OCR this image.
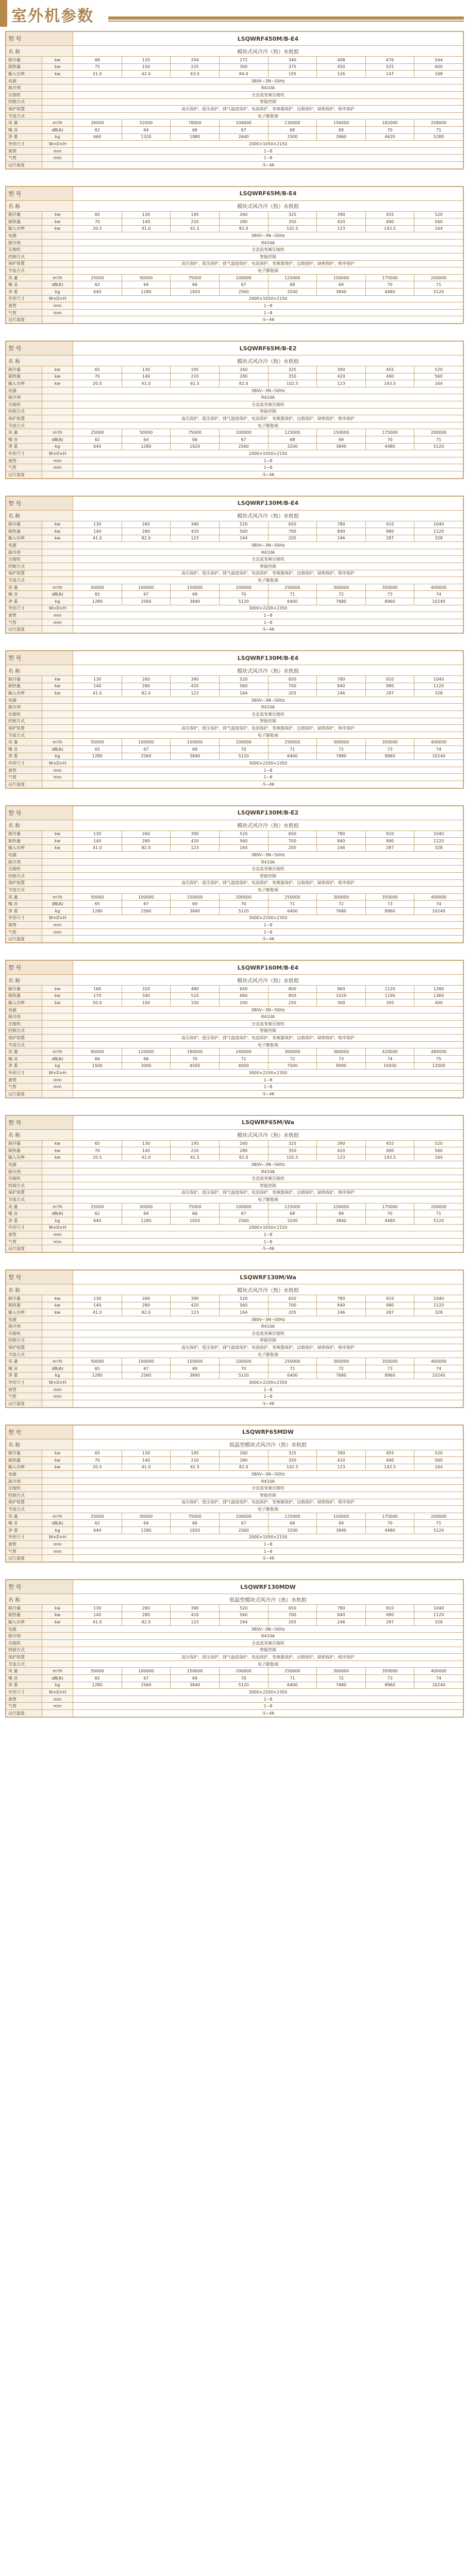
室外机参数
型 号		LSQWRF450M/B-E4							
名 称		模块式风冷冷（热）水机组							
制冷量	kw	68	135	204	272	340	408	476	544
制热量	kw	75	150	225	300	375	450	525	600
输入功率	kw	21.0	42.0	63.0	84.0	105	126	147	168
电源		380V~3N~50Hz							
制冷剂		R410A							
压缩机		全直流变频压缩机							
控制方式		智能控制							
保护装置		高压保护、低压保护、排气温度保护、电流保护、变频器保护、过载保护、缺相保护、相序保护							
节流方式		电子膨胀阀							
风 量	m³/h	26000	52000	78000	104000	130000	156000	182000	208000
噪 音	dB(A)	62	64	66	67	68	69	70	71
净 重	kg	660	1320	1980	2640	3300	3960	4620	5280
外形尺寸	W×D×H	2000×1050×2150							
液管	mm	1~8							
气管	mm	1~8							
运行温度		-5~46							
型 号		LSQWRF65M/B-E4							
名 称		模块式风冷冷（热）水机组							
制冷量	kw	65	130	195	260	325	390	455	520
制热量	kw	70	140	210	280	350	420	490	560
输入功率	kw	20.5	41.0	61.5	82.0	102.5	123	143.5	164
电源		380V~3N~50Hz							
制冷剂		R410A							
压缩机		全直流变频压缩机							
控制方式		智能控制							
保护装置		高压保护、低压保护、排气温度保护、电流保护、变频器保护、过载保护、缺相保护、相序保护							
节流方式		电子膨胀阀							
风 量	m³/h	25000	50000	75000	100000	125000	150000	175000	200000
噪 音	dB(A)	62	64	66	67	68	69	70	71
净 重	kg	640	1280	1920	2560	3200	3840	4480	5120
外形尺寸	W×D×H	2000×1050×2150							
液管	mm	1~8							
气管	mm	1~8							
运行温度		-5~46							
型 号		LSQWRF65M/B-E2							
名 称		模块式风冷冷（热）水机组							
制冷量	kw	65	130	195	260	325	390	455	520
制热量	kw	70	140	210	280	350	420	490	560
输入功率	kw	20.5	41.0	61.5	82.0	102.5	123	143.5	164
电源		380V~3N~50Hz							
制冷剂		R410A							
压缩机		全直流变频压缩机							
控制方式		智能控制							
保护装置		高压保护、低压保护、排气温度保护、电流保护、变频器保护、过载保护、缺相保护、相序保护							
节流方式		电子膨胀阀							
风 量	m³/h	25000	50000	75000	100000	125000	150000	175000	200000
噪 音	dB(A)	62	64	66	67	68	69	70	71
净 重	kg	640	1280	1920	2560	3200	3840	4480	5120
外形尺寸	W×D×H	2000×1050×2150							
液管	mm	1~8							
气管	mm	1~8							
运行温度		-5~46							
型 号		LSQWRF130M/B-E4							
名 称		模块式风冷冷（热）水机组							
制冷量	kw	130	260	390	520	650	780	910	1040
制热量	kw	140	280	420	560	700	840	980	1120
输入功率	kw	41.0	82.0	123	164	205	246	287	328
电源		380V~3N~50Hz							
制冷剂		R410A							
压缩机		全直流变频压缩机							
控制方式		智能控制							
保护装置		高压保护、低压保护、排气温度保护、电流保护、变频器保护、过载保护、缺相保护、相序保护							
节流方式		电子膨胀阀							
风 量	m³/h	50000	100000	150000	200000	250000	300000	350000	400000
噪 音	dB(A)	65	67	69	70	71	72	73	74
净 重	kg	1280	2560	3840	5120	6400	7680	8960	10240
外形尺寸	W×D×H	3000×2200×2350							
液管	mm	1~8							
气管	mm	1~8							
运行温度		-5~46							
型 号		LSQWRF130M/B-E4							
名 称		模块式风冷冷（热）水机组							
制冷量	kw	130	260	390	520	650	780	910	1040
制热量	kw	140	280	420	560	700	840	980	1120
输入功率	kw	41.0	82.0	123	164	205	246	287	328
电源		380V~3N~50Hz							
制冷剂		R410A							
压缩机		全直流变频压缩机							
控制方式		智能控制							
保护装置		高压保护、低压保护、排气温度保护、电流保护、变频器保护、过载保护、缺相保护、相序保护							
节流方式		电子膨胀阀							
风 量	m³/h	50000	100000	150000	200000	250000	300000	350000	400000
噪 音	dB(A)	65	67	69	70	71	72	73	74
净 重	kg	1280	2560	3840	5120	6400	7680	8960	10240
外形尺寸	W×D×H	3000×2200×2350							
液管	mm	1~8							
气管	mm	1~8							
运行温度		-5~46							
型 号		LSQWRF130M/B-E2							
名 称		模块式风冷冷（热）水机组							
制冷量	kw	130	260	390	520	650	780	910	1040
制热量	kw	140	280	420	560	700	840	980	1120
输入功率	kw	41.0	82.0	123	164	205	246	287	328
电源		380V~3N~50Hz							
制冷剂		R410A							
压缩机		全直流变频压缩机							
控制方式		智能控制							
保护装置		高压保护、低压保护、排气温度保护、电流保护、变频器保护、过载保护、缺相保护、相序保护							
节流方式		电子膨胀阀							
风 量	m³/h	50000	100000	150000	200000	250000	300000	350000	400000
噪 音	dB(A)	65	67	69	70	71	72	73	74
净 重	kg	1280	2560	3840	5120	6400	7680	8960	10240
外形尺寸	W×D×H	3000×2200×2350							
液管	mm	1~8							
气管	mm	1~8							
运行温度		-5~46							
型 号		LSQWRF160M/B-E4							
名 称		模块式风冷冷（热）水机组							
制冷量	kw	160	320	480	640	800	960	1120	1280
制热量	kw	170	340	510	680	850	1020	1190	1360
输入功率	kw	50.0	100	150	200	250	300	350	400
电源		380V~3N~50Hz							
制冷剂		R410A							
压缩机		全直流变频压缩机							
控制方式		智能控制							
保护装置		高压保护、低压保护、排气温度保护、电流保护、变频器保护、过载保护、缺相保护、相序保护							
节流方式		电子膨胀阀							
风 量	m³/h	60000	120000	180000	240000	300000	360000	420000	480000
噪 音	dB(A)	66	68	70	71	72	73	74	75
净 重	kg	1500	3000	4500	6000	7500	9000	10500	12000
外形尺寸	W×D×H	3000×2200×2350							
液管	mm	1~8							
气管	mm	1~8							
运行温度		-5~46							
型 号		LSQWRF65M/Wa							
名 称		模块式风冷冷（热）水机组							
制冷量	kw	65	130	195	260	325	390	455	520
制热量	kw	70	140	210	280	350	420	490	560
输入功率	kw	20.5	41.0	61.5	82.0	102.5	123	143.5	164
电源		380V~3N~50Hz							
制冷剂		R410A							
压缩机		全直流变频压缩机							
控制方式		智能控制							
保护装置		高压保护、低压保护、排气温度保护、电流保护、变频器保护、过载保护、缺相保护、相序保护							
节流方式		电子膨胀阀							
风 量	m³/h	25000	50000	75000	100000	125000	150000	175000	200000
噪 音	dB(A)	62	64	66	67	68	69	70	71
净 重	kg	640	1280	1920	2560	3200	3840	4480	5120
外形尺寸	W×D×H	2000×1050×2150							
液管	mm	1~8							
气管	mm	1~8							
运行温度		-5~46							
型 号		LSQWRF130M/Wa							
名 称		模块式风冷冷（热）水机组							
制冷量	kw	130	260	390	520	650	780	910	1040
制热量	kw	140	280	420	560	700	840	980	1120
输入功率	kw	41.0	82.0	123	164	205	246	287	328
电源		380V~3N~50Hz							
制冷剂		R410A							
压缩机		全直流变频压缩机							
控制方式		智能控制							
保护装置		高压保护、低压保护、排气温度保护、电流保护、变频器保护、过载保护、缺相保护、相序保护							
节流方式		电子膨胀阀							
风 量	m³/h	50000	100000	150000	200000	250000	300000	350000	400000
噪 音	dB(A)	65	67	69	70	71	72	73	74
净 重	kg	1280	2560	3840	5120	6400	7680	8960	10240
外形尺寸	W×D×H	3000×2200×2350							
液管	mm	1~8							
气管	mm	1~8							
运行温度		-5~46							
型 号		LSQWRF65MDW							
名 称		低温型模块式风冷冷（热）水机组							
制冷量	kw	65	130	195	260	325	390	455	520
制热量	kw	70	140	210	280	350	420	490	560
输入功率	kw	20.5	41.0	61.5	82.0	102.5	123	143.5	164
电源		380V~3N~50Hz							
制冷剂		R410A							
压缩机		全直流变频压缩机							
控制方式		智能控制							
保护装置		高压保护、低压保护、排气温度保护、电流保护、变频器保护、过载保护、缺相保护、相序保护							
节流方式		电子膨胀阀							
风 量	m³/h	25000	50000	75000	100000	125000	150000	175000	200000
噪 音	dB(A)	62	64	66	67	68	69	70	71
净 重	kg	640	1280	1920	2560	3200	3840	4480	5120
外形尺寸	W×D×H	2000×1050×2150							
液管	mm	1~8							
气管	mm	1~8							
运行温度		-5~46							
型 号		LSQWRF130MDW							
名 称		低温型模块式风冷冷（热）水机组							
制冷量	kw	130	260	390	520	650	780	910	1040
制热量	kw	140	280	420	560	700	840	980	1120
输入功率	kw	41.0	82.0	123	164	205	246	287	328
电源		380V~3N~50Hz							
制冷剂		R410A							
压缩机		全直流变频压缩机							
控制方式		智能控制							
保护装置		高压保护、低压保护、排气温度保护、电流保护、变频器保护、过载保护、缺相保护、相序保护							
节流方式		电子膨胀阀							
风 量	m³/h	50000	100000	150000	200000	250000	300000	350000	400000
噪 音	dB(A)	65	67	69	70	71	72	73	74
净 重	kg	1280	2560	3840	5120	6400	7680	8960	10240
外形尺寸	W×D×H	3000×2200×2350							
液管	mm	1~8							
气管	mm	1~8							
运行温度		-5~46							
